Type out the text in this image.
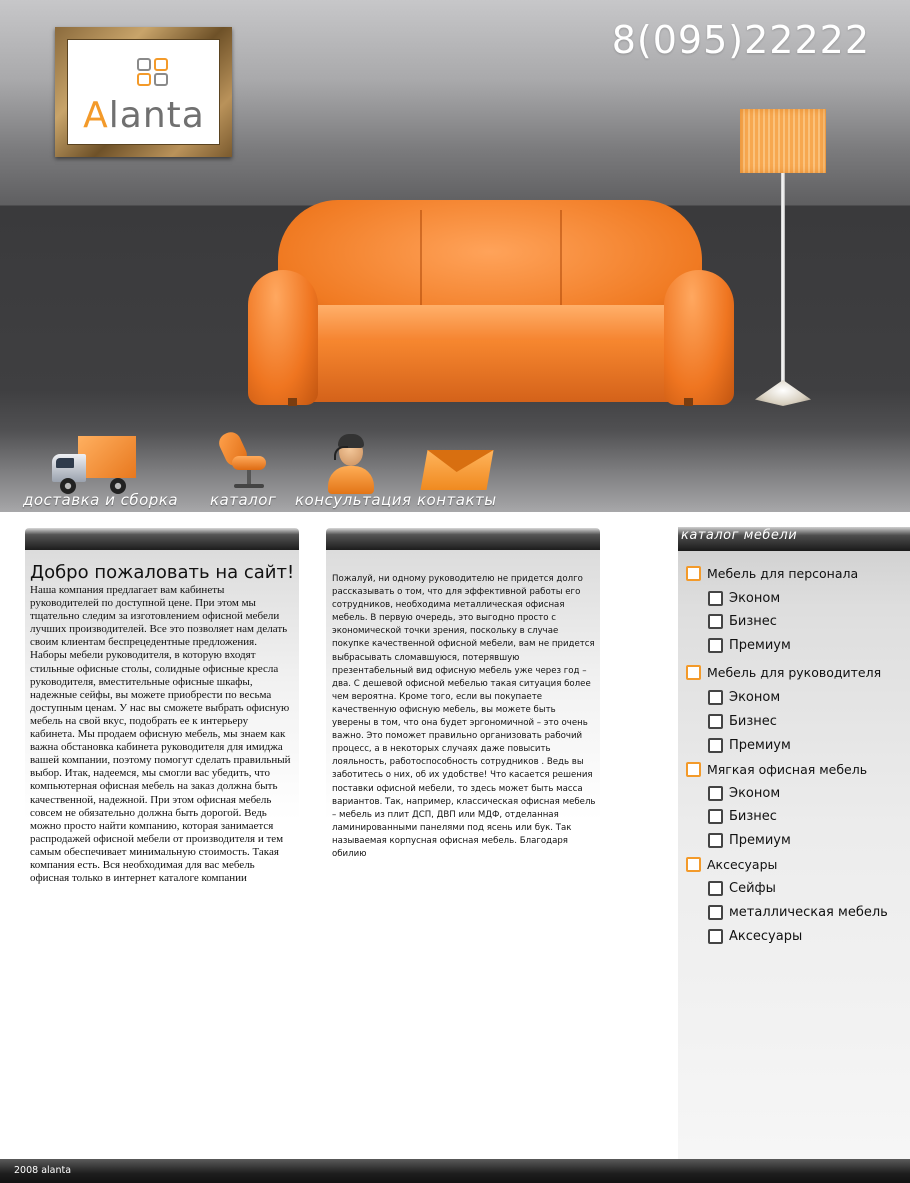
Alanta
8(095)22222
доставка и сборка каталог консультация контакты
Добро пожаловать на сайт!
Наша компания предлагает вам кабинеты руководителей по доступной цене. При этом мы тщательно следим за изготовлением офисной мебели лучших производителей. Все это позволяет нам делать своим клиентам беспрецедентные предложения. Наборы мебели руководителя, в которую входят стильные офисные столы, солидные офисные кресла руководителя, вместительные офисные шкафы, надежные сейфы, вы можете приобрести по весьма доступным ценам. У нас вы сможете выбрать офисную мебель на свой вкус, подобрать ее к интерьеру кабинета. Мы продаем офисную мебель, мы знаем как важна обстановка кабинета руководителя для имиджа вашей компании, поэтому помогут сделать правильный выбор. Итак, надеемся, мы смогли вас убедить, что компьютерная офисная мебель на заказ должна быть качественной, надежной. При этом офисная мебель совсем не обязательно должна быть дорогой. Ведь можно просто найти компанию, которая занимается распродажей офисной мебели от производителя и тем самым обеспечивает минимальную стоимость. Такая компания есть. Вся необходимая для вас мебель офисная только в интернет каталоге компании
Пожалуй, ни одному руководителю не придется долго рассказывать о том, что для эффективной работы его сотрудников, необходима металлическая офисная мебель. В первую очередь, это выгодно просто с экономической точки зрения, поскольку в случае покупке качественной офисной мебели, вам не придется выбрасывать сломавшуюся, потерявшую презентабельный вид офисную мебель уже через год –два. С дешевой офисной мебелью такая ситуация более чем вероятна. Кроме того, если вы покупаете качественную офисную мебель, вы можете быть уверены в том, что она будет эргономичной – это очень важно. Это поможет правильно организовать рабочий процесс, а в некоторых случаях даже повысить лояльность, работоспособность сотрудников . Ведь вы заботитесь о них, об их удобстве! Что касается решения поставки офисной мебели, то здесь может быть масса вариантов. Так, например, классическая офисная мебель – мебель из плит ДСП, ДВП или МДФ, отделанная ламинированными панелями под ясень или бук. Так называемая корпусная офисная мебель. Благодаря обилию
каталог мебели
Мебель для персонала
Эконом
Бизнес
Премиум
Мебель для руководителя
Эконом
Бизнес
Премиум
Мягкая офисная мебель
Эконом
Бизнес
Премиум
Аксесуары
Сейфы
металлическая мебель
Аксесуары
2008 alanta
